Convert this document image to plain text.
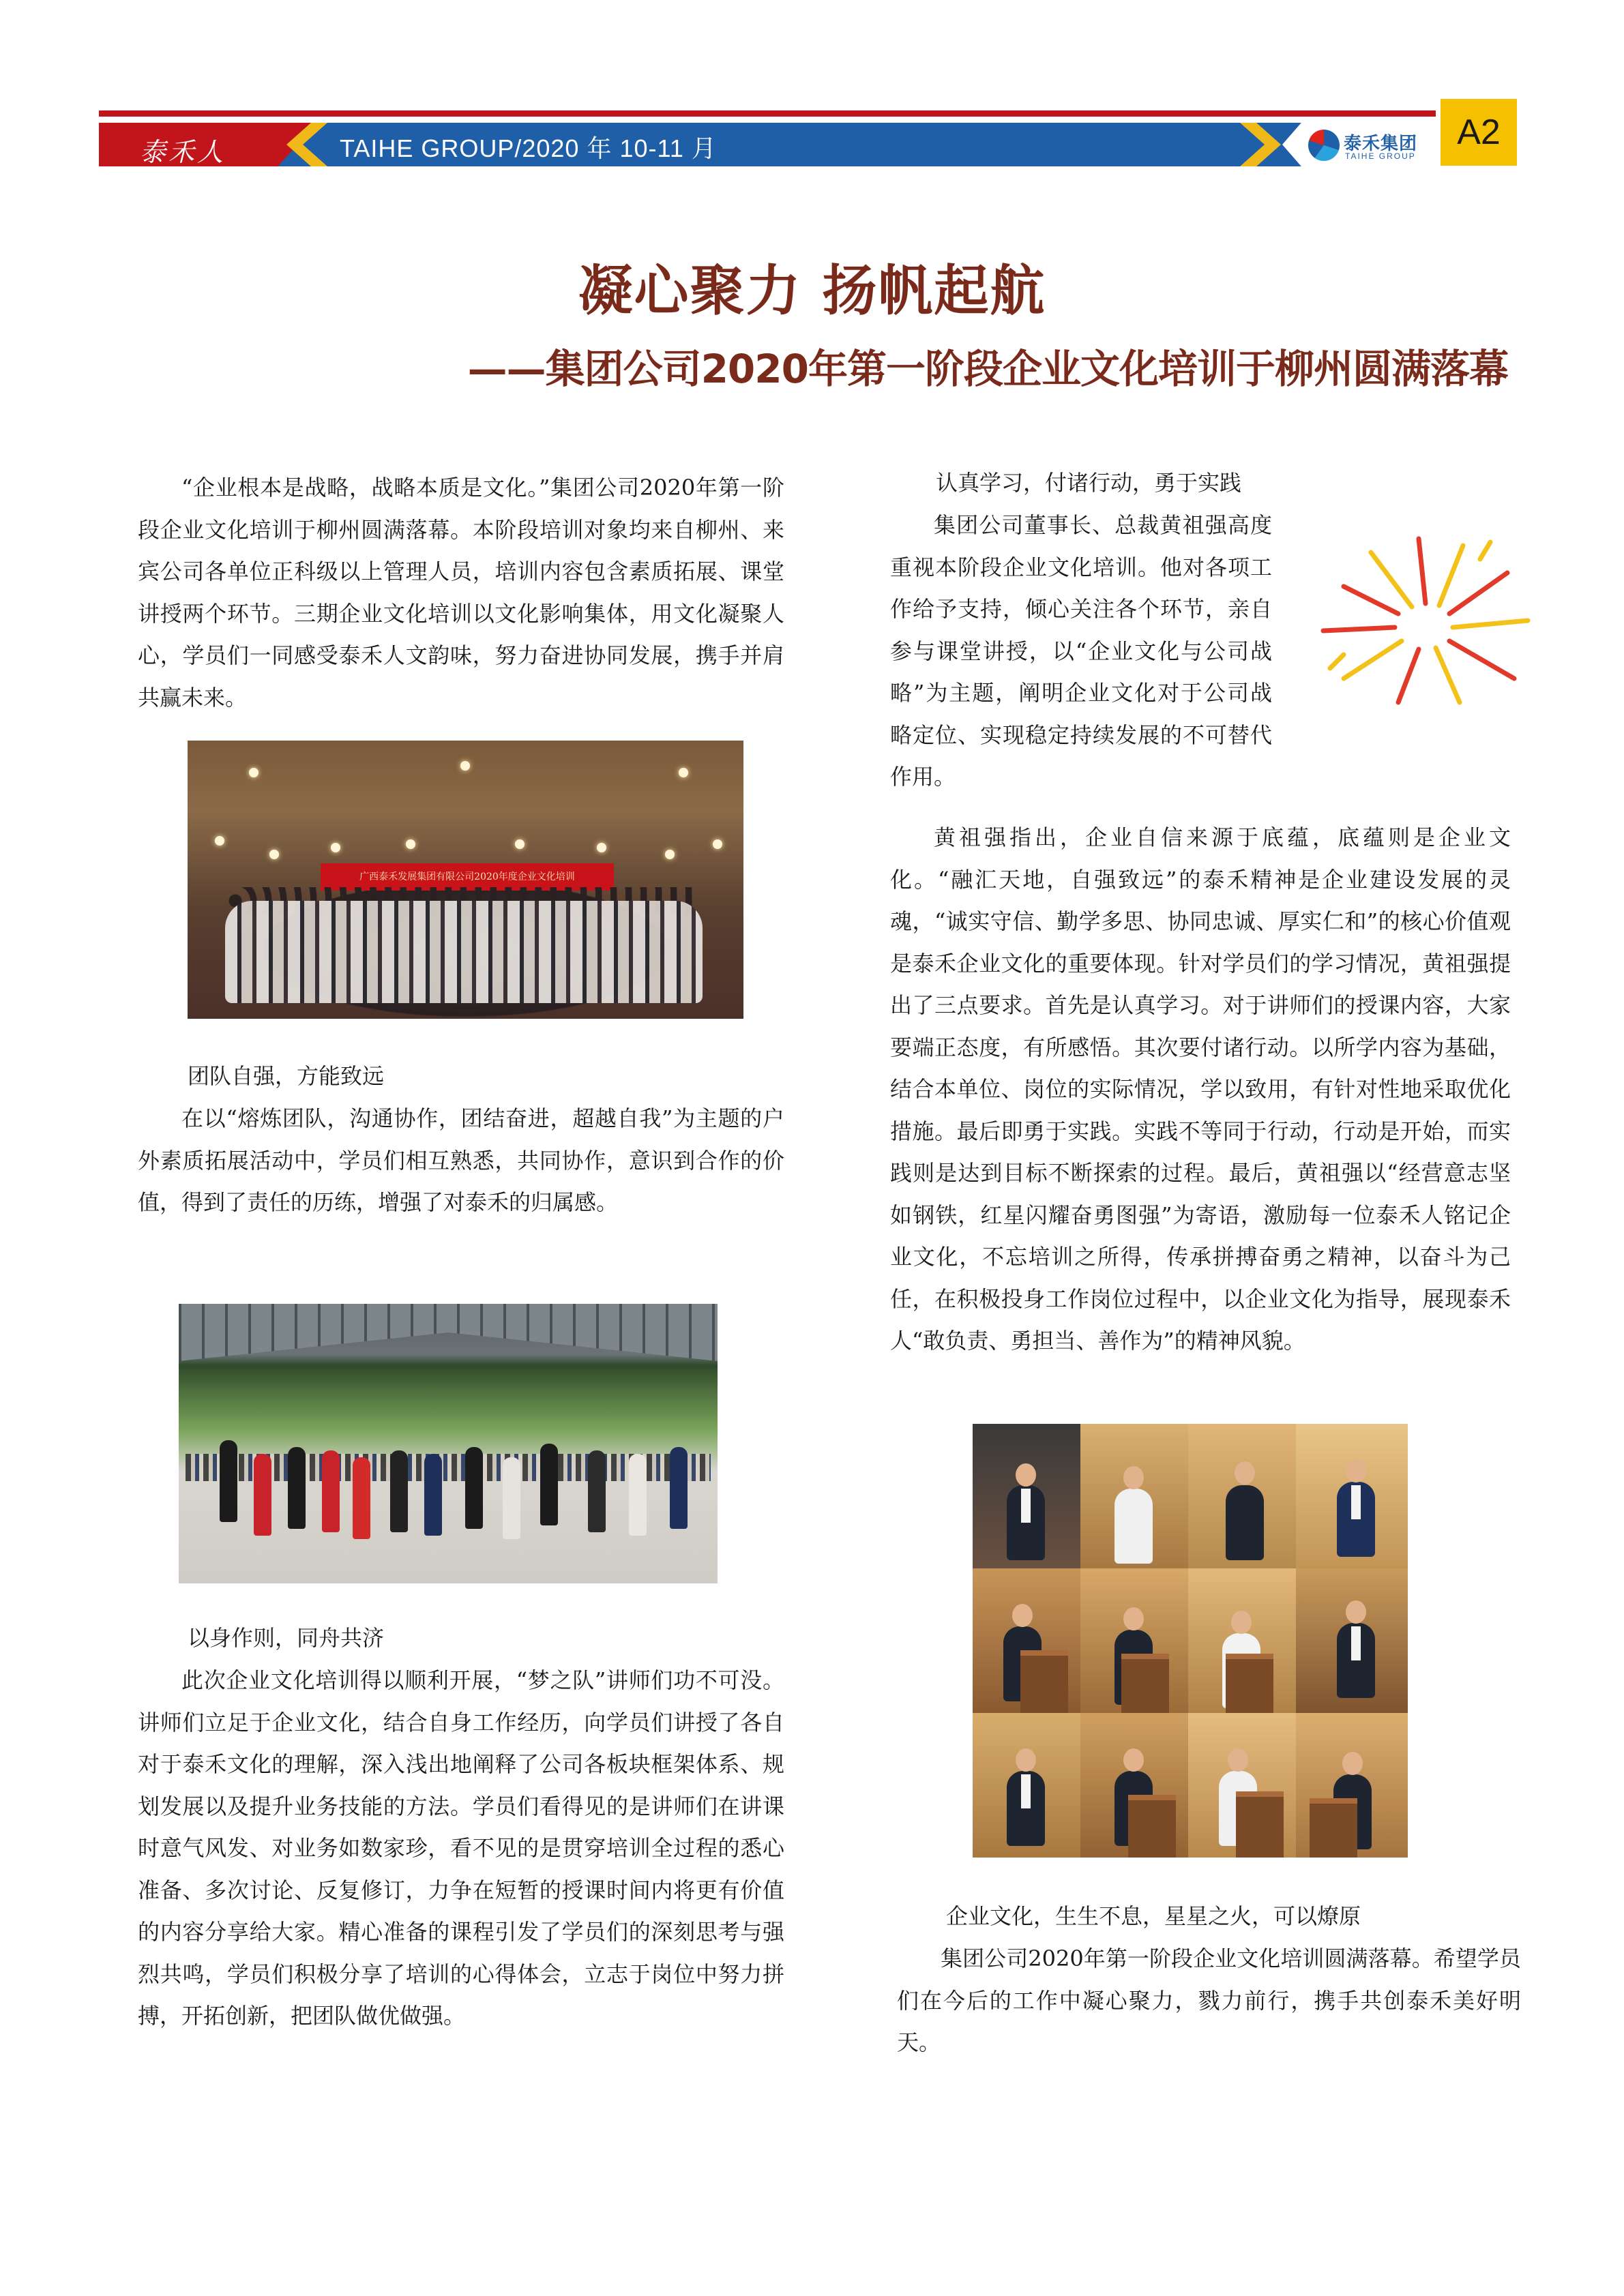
泰禾人	TAIHE GROUP/2020 年 10-11 月	泰禾集团
TAIHE GROUP
A2
凝心聚力 扬帆起航
——集团公司2020年第一阶段企业文化培训于柳州圆满落幕

“企业根本是战略，战略本质是文化。”集团公司2020年第一阶段企业文化培训于柳州圆满落幕。本阶段培训对象均来自柳州、来宾公司各单位正科级以上管理人员，培训内容包含素质拓展、课堂讲授两个环节。三期企业文化培训以文化影响集体，用文化凝聚人心，学员们一同感受泰禾人文韵味，努力奋进协同发展，携手并肩共赢未来。

广西泰禾发展集团有限公司2020年度企业文化培训
团队自强，方能致远

在以“熔炼团队，沟通协作，团结奋进，超越自我”为主题的户外素质拓展活动中，学员们相互熟悉，共同协作，意识到合作的价值，得到了责任的历练，增强了对泰禾的归属感。

以身作则，同舟共济

此次企业文化培训得以顺利开展，“梦之队”讲师们功不可没。讲师们立足于企业文化，结合自身工作经历，向学员们讲授了各自对于泰禾文化的理解，深入浅出地阐释了公司各板块框架体系、规划发展以及提升业务技能的方法。学员们看得见的是讲师们在讲课时意气风发、对业务如数家珍，看不见的是贯穿培训全过程的悉心准备、多次讨论、反复修订，力争在短暂的授课时间内将更有价值的内容分享给大家。精心准备的课程引发了学员们的深刻思考与强烈共鸣，学员们积极分享了培训的心得体会，立志于岗位中努力拼搏，开拓创新，把团队做优做强。

认真学习，付诸行动，勇于实践

集团公司董事长、总裁黄祖强高度重视本阶段企业文化培训。他对各项工作给予支持，倾心关注各个环节，亲自参与课堂讲授，以“企业文化与公司战略”为主题，阐明企业文化对于公司战略定位、实现稳定持续发展的不可替代作用。

黄祖强指出，企业自信来源于底蕴，底蕴则是企业文化。“融汇天地，自强致远”的泰禾精神是企业建设发展的灵魂，“诚实守信、勤学多思、协同忠诚、厚实仁和”的核心价值观是泰禾企业文化的重要体现。针对学员们的学习情况，黄祖强提出了三点要求。首先是认真学习。对于讲师们的授课内容，大家要端正态度，有所感悟。其次要付诸行动。以所学内容为基础，结合本单位、岗位的实际情况，学以致用，有针对性地采取优化措施。最后即勇于实践。实践不等同于行动，行动是开始，而实践则是达到目标不断探索的过程。最后，黄祖强以“经营意志坚如钢铁，红星闪耀奋勇图强”为寄语，激励每一位泰禾人铭记企业文化，不忘培训之所得，传承拼搏奋勇之精神，以奋斗为己任，在积极投身工作岗位过程中，以企业文化为指导，展现泰禾人“敢负责、勇担当、善作为”的精神风貌。

企业文化，生生不息，星星之火，可以燎原

集团公司2020年第一阶段企业文化培训圆满落幕。希望学员们在今后的工作中凝心聚力，戮力前行，携手共创泰禾美好明天。
